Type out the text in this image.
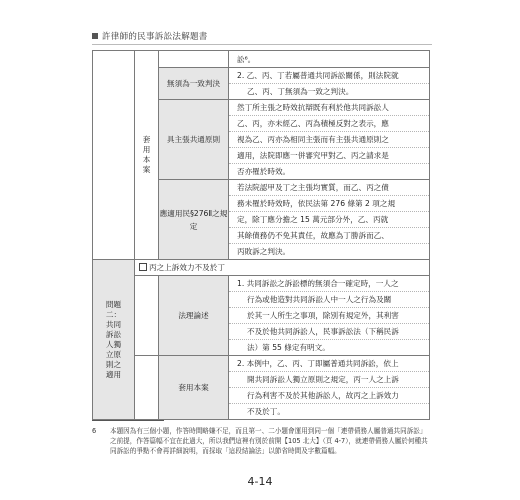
許律師的民事訴訟法解題書
	套用本案		訟⁶。

		無須為一致判決	2. 乙、丙、丁若屬普通共同訴訟關係，則法院就
乙、丙、丁無須為一致之判決。

		具主張共通原則	然丁所主張之時效抗辯既有利於他共同訴訟人
乙、丙，亦未經乙、丙為積極反對之表示，應
視為乙、丙亦為相同主張而有主張共通原則之
適用，法院即應一併審究甲對乙、丙之請求是
否亦罹於時效。

		應適用民§276Ⅱ之規定	若法院認甲及丁之主張均實質，而乙、丙之債
務未罹於時效時，依民法第 276 條第 2 項之規
定，除丁應分擔之 15 萬元部分外，乙、丙就
其餘債務仍不免其責任，故應為丁勝訴而乙、
丙敗訴之判決。

問題二：共同訴訟人獨立原則之適用	丙之上訴效力不及於丁		

		法理論述	1. 共同訴訟之訴訟標的無須合一確定時，一人之
行為或他造對共同訴訟人中一人之行為及關
於其一人所生之事項，除別有規定外，其利害
不及於他共同訴訟人，民事訴訟法（下稱民訴
法）第 55 條定有明文。

		套用本案	2. 本例中，乙、丙、丁即屬普通共同訴訟，依上
開共同訴訟人獨立原則之規定，丙一人之上訴
行為利害不及於其他訴訟人，故丙之上訴效力
不及於丁。
6	本題因為有三個小題，作答時間略嫌不足，而且第一、二小題會運用到同一個「連帶債務人屬普通共同訴訟」之前提，作答篇幅不宜在此過大，所以我們這裡有別於前開【105 北大】（頁 4-7），就連帶債務人屬於何種共同訴訟的爭點不會再詳細說明，而採取「這段結論法」以節省時間及字數篇幅。
4-14
